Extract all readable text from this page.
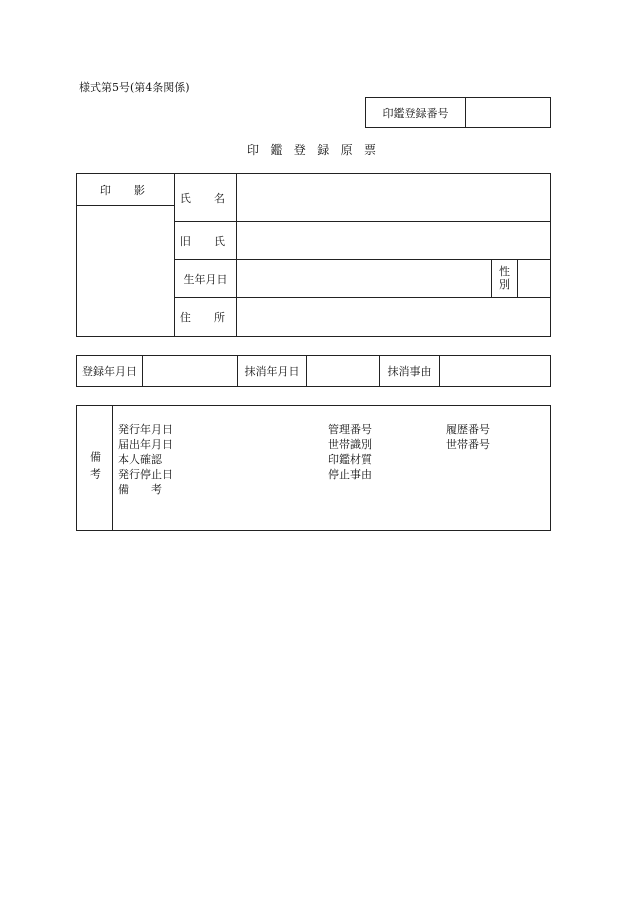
様式第5号(第4条関係)
印鑑登録番号
印鑑登録原票
印　影
氏　名
旧　氏
生年月日
性
別
住　所
登録年月日	抹消年月日	抹消事由
備考
発行年月日
届出年月日
本人確認
発行停止日
備　　考
管理番号
世帯識別
印鑑材質
停止事由
履歴番号
世帯番号
